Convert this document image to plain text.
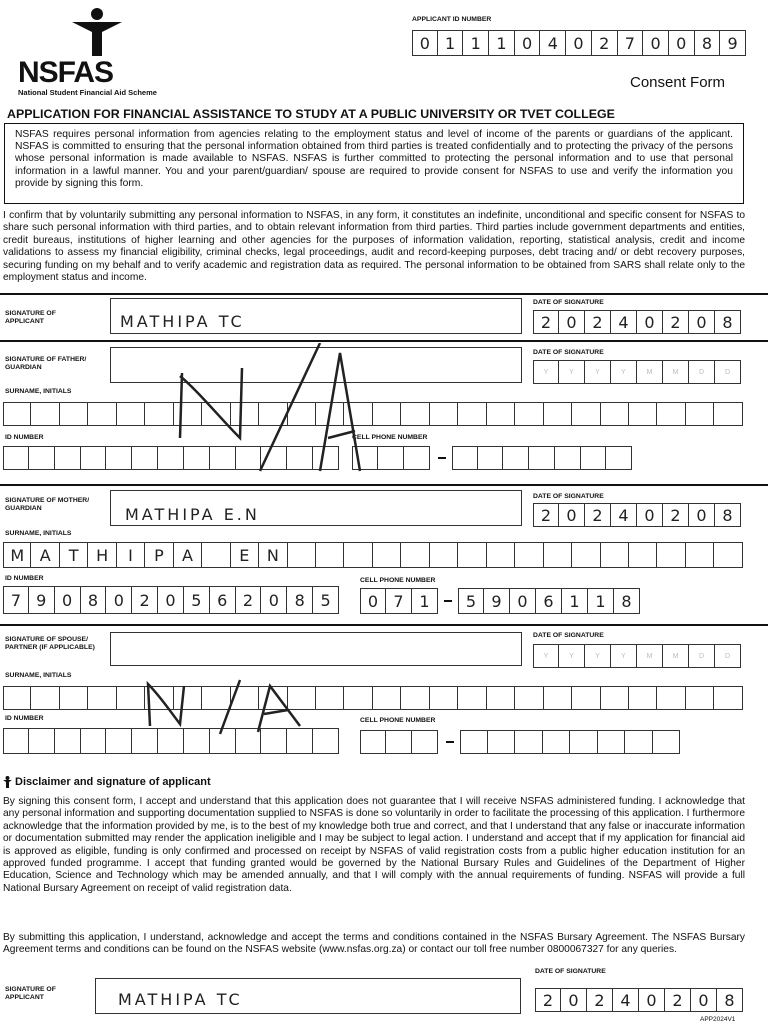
NSFAS
National Student Financial Aid Scheme
APPLICANT ID NUMBER
0 1 1 1 0 4 0 2 7 0 0 8 9
Consent Form
APPLICATION FOR FINANCIAL ASSISTANCE TO STUDY AT A PUBLIC UNIVERSITY OR TVET COLLEGE
NSFAS requires personal information from agencies relating to the employment status and level of income of the parents or guardians of the applicant. NSFAS is committed to ensuring that the personal information obtained from third parties is treated confidentially and to protecting the privacy of the persons whose personal information is made available to NSFAS. NSFAS is further committed to protecting the personal information and to use that personal information in a lawful manner. You and your parent/guardian/ spouse are required to provide consent for NSFAS to use and verify the information you provide by signing this form.
I confirm that by voluntarily submitting any personal information to NSFAS, in any form, it constitutes an indefinite, unconditional and specific consent for NSFAS to share such personal information with third parties, and to obtain relevant information from third parties. Third parties include government departments and entities, credit bureaus, institutions of higher learning and other agencies for the purposes of information validation, reporting, statistical analysis, credit and income validations to assess my financial eligibility, criminal checks, legal proceedings, audit and record-keeping purposes, debt tracing and/ or debt recovery purposes, securing funding on my behalf and to verify academic and registration data as required. The personal information to be obtained from SARS shall relate only to the employment status and income.
SIGNATURE OF APPLICANT	MATHIPA TC
DATE OF SIGNATURE
2 0 2 4 0 2 0 8
SIGNATURE OF FATHER/ GUARDIAN
DATE OF SIGNATURE
Y	Y	Y	Y	M	M	D	D
SURNAME, INITIALS
ID NUMBER	CELL PHONE NUMBER
SIGNATURE OF MOTHER/ GUARDIAN	MATHIPA E.N
DATE OF SIGNATURE
2 0 2 4 0 2 0 8
SURNAME, INITIALS
M A	T	H	I	P	A	E	N
ID NUMBER	CELL PHONE NUMBER
7 9 0 8 0 2 0 5 6 2 0 8 5	0 7 1	5 9 0 6 1 1 8
SIGNATURE OF SPOUSE/ PARTNER (IF APPLICABLE)
DATE OF SIGNATURE
Y	Y	Y	Y	M	M	D	D
SURNAME, INITIALS
ID NUMBER	CELL PHONE NUMBER
Disclaimer and signature of applicant
By signing this consent form, I accept and understand that this application does not guarantee that I will receive NSFAS administered funding. I acknowledge that any personal information and supporting documentation supplied to NSFAS is done so voluntarily in order to facilitate the processing of this application. I furthermore acknowledge that the information provided by me, is to the best of my knowledge both true and correct, and that I understand that any false or inaccurate information or documentation submitted may render the application ineligible and I may be subject to legal action. I understand and accept that if my application for financial aid is approved as eligible, funding is only confirmed and processed on receipt by NSFAS of valid registration costs from a public higher education institution for an approved funded programme. I accept that funding granted would be governed by the National Bursary Rules and Guidelines of the Department of Higher Education, Science and Technology which may be amended annually, and that I will comply with the annual requirements of funding. NSFAS will provide a full National Bursary Agreement on receipt of valid registration data.
By submitting this application, I understand, acknowledge and accept the terms and conditions contained in the NSFAS Bursary Agreement. The NSFAS Bursary Agreement terms and conditions can be found on the NSFAS website (www.nsfas.org.za) or contact our toll free number 0800067327 for any queries.
SIGNATURE OF APPLICANT	MATHIPA TC
DATE OF SIGNATURE
2 0 2 4 0 2 0 8
APP2024V1
